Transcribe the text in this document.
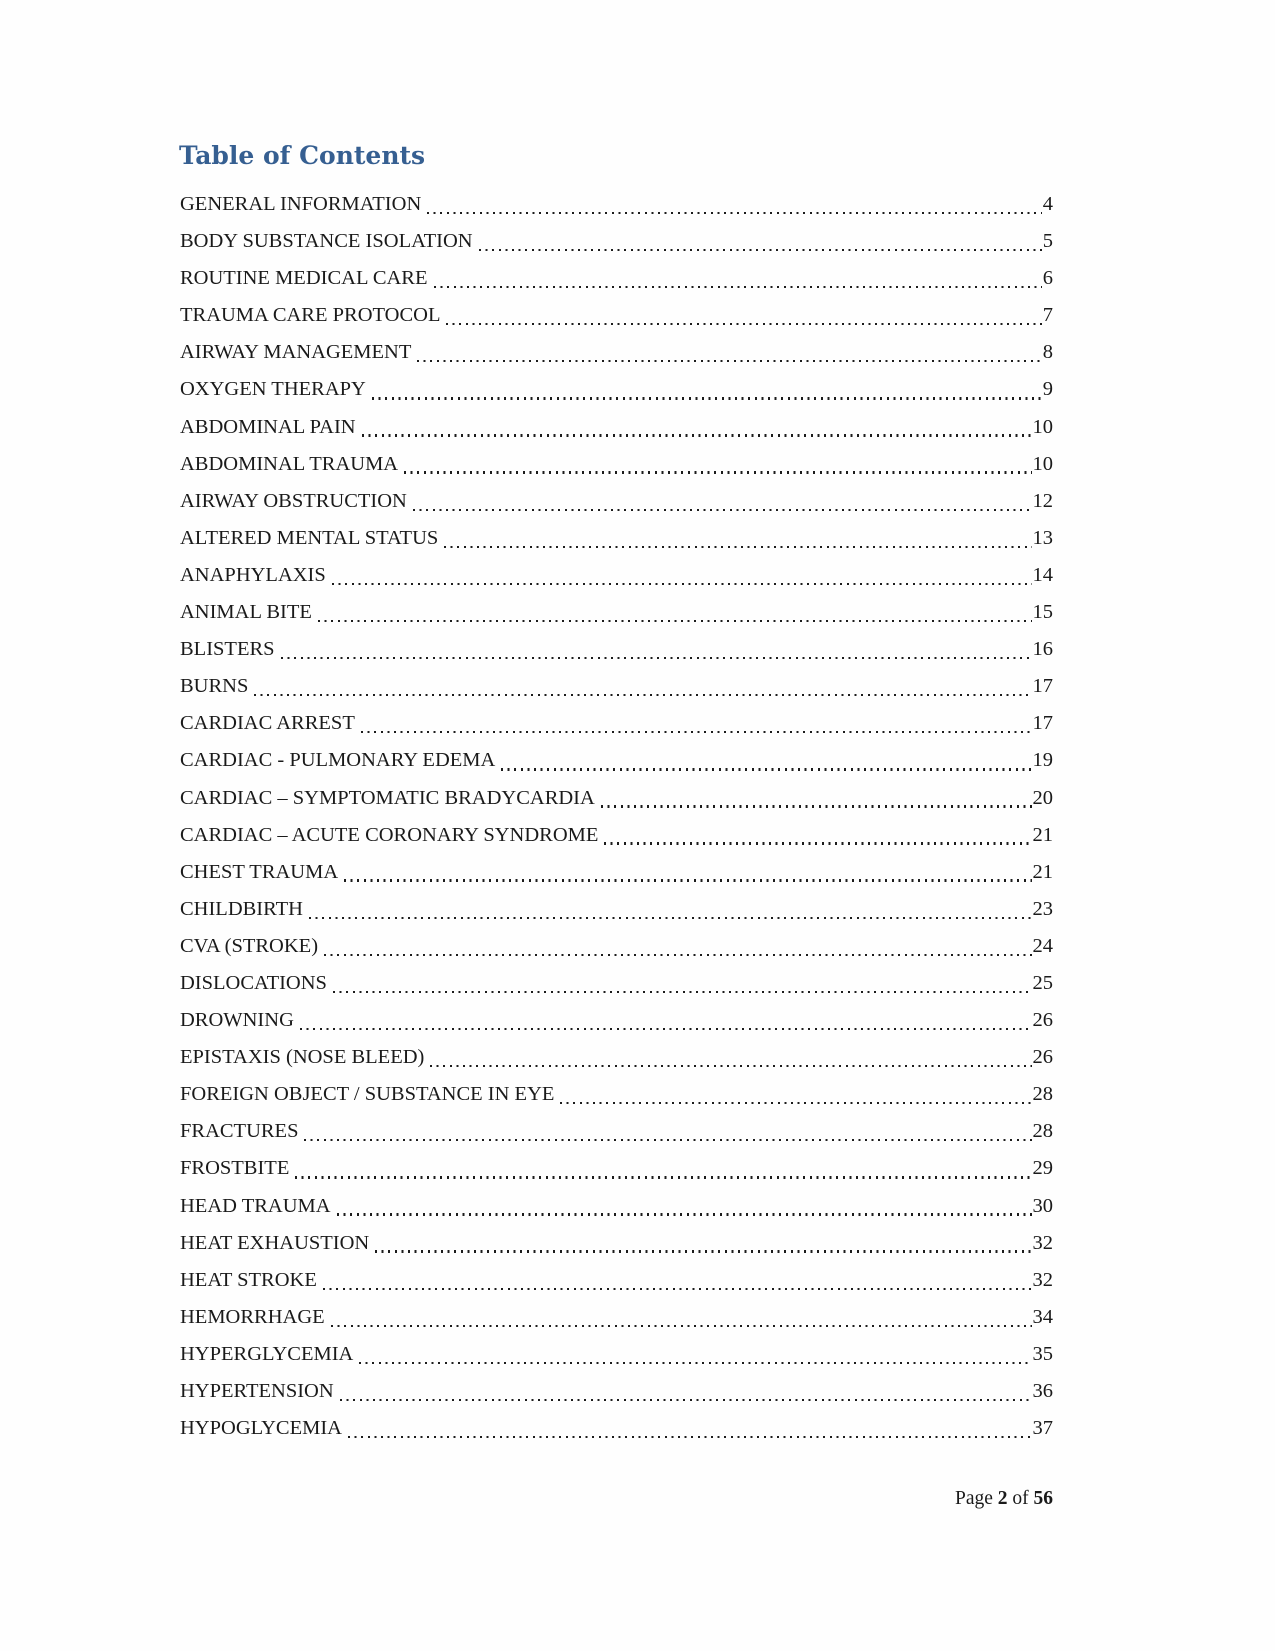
Table of Contents
GENERAL INFORMATION	4
BODY SUBSTANCE ISOLATION	5
ROUTINE MEDICAL CARE	6
TRAUMA CARE PROTOCOL	7
AIRWAY MANAGEMENT	8
OXYGEN THERAPY	9
ABDOMINAL PAIN	10
ABDOMINAL TRAUMA	10
AIRWAY OBSTRUCTION	12
ALTERED MENTAL STATUS	13
ANAPHYLAXIS	14
ANIMAL BITE	15
BLISTERS	16
BURNS	17
CARDIAC ARREST	17
CARDIAC - PULMONARY EDEMA	19
CARDIAC – SYMPTOMATIC BRADYCARDIA	20
CARDIAC – ACUTE CORONARY SYNDROME	21
CHEST TRAUMA	21
CHILDBIRTH	23
CVA (STROKE)	24
DISLOCATIONS	25
DROWNING	26
EPISTAXIS (NOSE BLEED)	26
FOREIGN OBJECT / SUBSTANCE IN EYE	28
FRACTURES	28
FROSTBITE	29
HEAD TRAUMA	30
HEAT EXHAUSTION	32
HEAT STROKE	32
HEMORRHAGE	34
HYPERGLYCEMIA	35
HYPERTENSION	36
HYPOGLYCEMIA	37
Page 2 of 56
